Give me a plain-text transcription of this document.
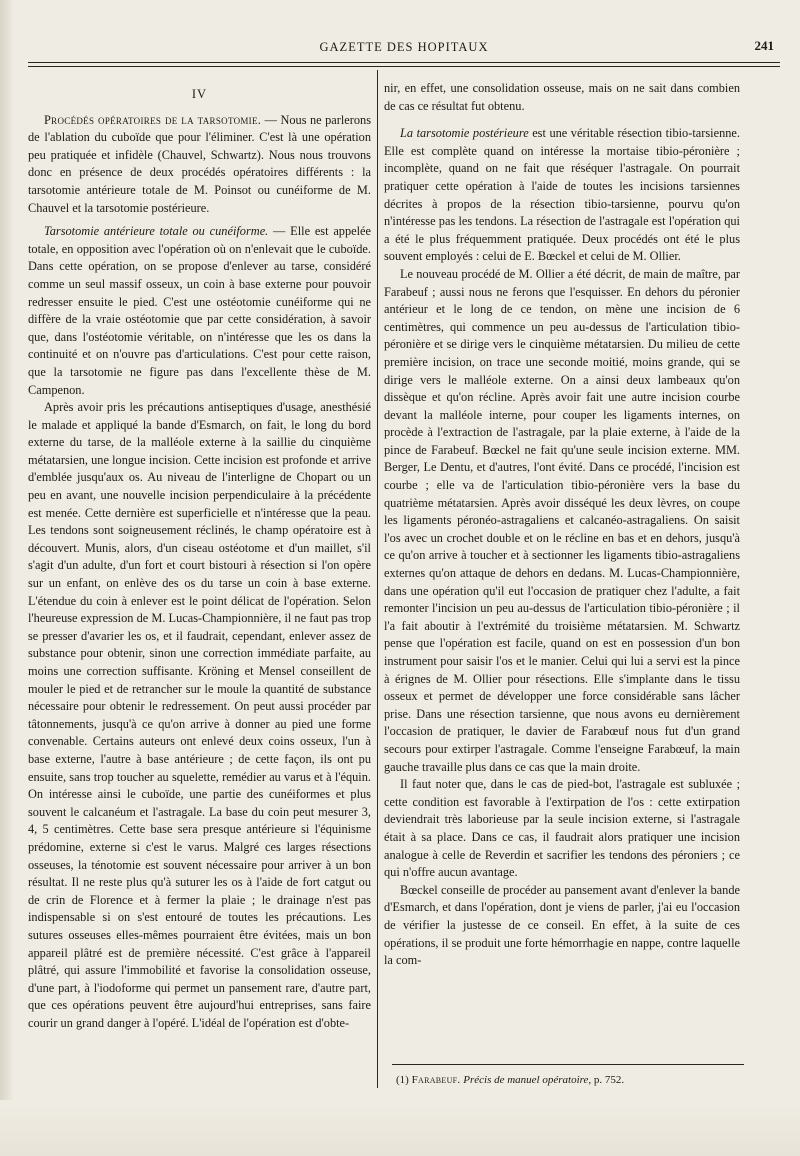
GAZETTE DES HOPITAUX	241

IV

Procédés opératoires de la tarsotomie. — Nous ne parlerons de l'ablation du cuboïde que pour l'éliminer. C'est là une opération peu pratiquée et infidèle (Chauvel, Schwartz). Nous nous trouvons donc en présence de deux procédés opératoires différents : la tarsotomie antérieure totale de M. Poinsot ou cunéiforme de M. Chauvel et la tarsotomie postérieure.

Tarsotomie antérieure totale ou cunéiforme. — Elle est appelée totale, en opposition avec l'opération où on n'enlevait que le cuboïde. Dans cette opération, on se propose d'enlever au tarse, considéré comme un seul massif osseux, un coin à base externe pour pouvoir redresser ensuite le pied. C'est une ostéotomie cunéiforme qui ne diffère de la vraie ostéotomie que par cette considération, à savoir que, dans l'ostéotomie véritable, on n'intéresse que les os dans la continuité et on n'ouvre pas d'articulations. C'est pour cette raison, que la tarsotomie ne figure pas dans l'excellente thèse de M. Campenon.

Après avoir pris les précautions antiseptiques d'usage, anesthésié le malade et appliqué la bande d'Esmarch, on fait, le long du bord externe du tarse, de la malléole externe à la saillie du cinquième métatarsien, une longue incision. Cette incision est profonde et arrive d'emblée jusqu'aux os. Au niveau de l'interligne de Chopart ou un peu en avant, une nouvelle incision perpendiculaire à la précédente est menée. Cette dernière est superficielle et n'intéresse que la peau. Les tendons sont soigneusement réclinés, le champ opératoire est à découvert. Munis, alors, d'un ciseau ostéotome et d'un maillet, s'il s'agit d'un adulte, d'un fort et court bistouri à résection si l'on opère sur un enfant, on enlève des os du tarse un coin à base externe. L'étendue du coin à enlever est le point délicat de l'opération. Selon l'heureuse expression de M. Lucas-Championnière, il ne faut pas trop se presser d'avarier les os, et il faudrait, cependant, enlever assez de substance pour obtenir, sinon une correction immédiate parfaite, au moins une correction suffisante. Kröning et Mensel conseillent de mouler le pied et de retrancher sur le moule la quantité de substance nécessaire pour obtenir le redressement. On peut aussi procéder par tâtonnements, jusqu'à ce qu'on arrive à donner au pied une forme convenable. Certains auteurs ont enlevé deux coins osseux, l'un à base externe, l'autre à base antérieure ; de cette façon, ils ont pu ensuite, sans trop toucher au squelette, remédier au varus et à l'équin. On intéresse ainsi le cuboïde, une partie des cunéiformes et plus souvent le calcanéum et l'astragale. La base du coin peut mesurer 3, 4, 5 centimètres. Cette base sera presque antérieure si l'équinisme prédomine, externe si c'est le varus. Malgré ces larges résections osseuses, la ténotomie est souvent nécessaire pour arriver à un bon résultat. Il ne reste plus qu'à suturer les os à l'aide de fort catgut ou de crin de Florence et à fermer la plaie ; le drainage n'est pas indispensable si on s'est entouré de toutes les précautions. Les sutures osseuses elles-mêmes pourraient être évitées, mais un bon appareil plâtré est de première nécessité. C'est grâce à l'appareil plâtré, qui assure l'immobilité et favorise la consolidation osseuse, d'une part, à l'iodoforme qui permet un pansement rare, d'autre part, que ces opérations peuvent être aujourd'hui entreprises, sans faire courir un grand danger à l'opéré. L'idéal de l'opération est d'obte-

nir, en effet, une consolidation osseuse, mais on ne sait dans combien de cas ce résultat fut obtenu.

La tarsotomie postérieure est une véritable résection tibio-tarsienne. Elle est complète quand on intéresse la mortaise tibio-péronière ; incomplète, quand on ne fait que réséquer l'astragale. On pourrait pratiquer cette opération à l'aide de toutes les incisions tarsiennes décrites à propos de la résection tibio-tarsienne, pourvu qu'on n'intéresse pas les tendons. La résection de l'astragale est l'opération qui a été le plus fréquemment pratiquée. Deux procédés ont été le plus souvent employés : celui de E. Bœckel et celui de M. Ollier.

Le nouveau procédé de M. Ollier a été décrit, de main de maître, par Farabeuf ; aussi nous ne ferons que l'esquisser. En dehors du péronier antérieur et le long de ce tendon, on mène une incision de 6 centimètres, qui commence un peu au-dessus de l'articulation tibio-péronière et se dirige vers le cinquième métatarsien. Du milieu de cette première incision, on trace une seconde moitié, moins grande, qui se dirige vers le malléole externe. On a ainsi deux lambeaux qu'on dissèque et qu'on récline. Après avoir fait une autre incision courbe devant la malléole interne, pour couper les ligaments internes, on procède à l'extraction de l'astragale, par la plaie externe, à l'aide de la pince de Farabeuf. Bœckel ne fait qu'une seule incision externe. MM. Berger, Le Dentu, et d'autres, l'ont évité. Dans ce procédé, l'incision est courbe ; elle va de l'articulation tibio-péronière vers la base du quatrième métatarsien. Après avoir disséqué les deux lèvres, on coupe les ligaments péronéo-astragaliens et calcanéo-astragaliens. On saisit l'os avec un crochet double et on le récline en bas et en dehors, jusqu'à ce qu'on arrive à toucher et à sectionner les ligaments tibio-astragaliens externes qu'on attaque de dehors en dedans. M. Lucas-Championnière, dans une opération qu'il eut l'occasion de pratiquer chez l'adulte, a fait remonter l'incision un peu au-dessus de l'articulation tibio-péronière ; il l'a fait aboutir à l'extrémité du troisième métatarsien. M. Schwartz pense que l'opération est facile, quand on est en possession d'un bon instrument pour saisir l'os et le manier. Celui qui lui a servi est la pince à érignes de M. Ollier pour résections. Elle s'implante dans le tissu osseux et permet de développer une force considérable sans lâcher prise. Dans une résection tarsienne, que nous avons eu dernièrement l'occasion de pratiquer, le davier de Farabœuf nous fut d'un grand secours pour extirper l'astragale. Comme l'enseigne Farabœuf, la main gauche travaille plus dans ce cas que la main droite.

Il faut noter que, dans le cas de pied-bot, l'astragale est subluxée ; cette condition est favorable à l'extirpation de l'os : cette extirpation deviendrait très laborieuse par la seule incision externe, si l'astragale était à sa place. Dans ce cas, il faudrait alors pratiquer une incision analogue à celle de Reverdin et sacrifier les tendons des péroniers ; ce qui n'offre aucun avantage.

Bœckel conseille de procéder au pansement avant d'enlever la bande d'Esmarch, et dans l'opération, dont je viens de parler, j'ai eu l'occasion de vérifier la justesse de ce conseil. En effet, à la suite de ces opérations, il se produit une forte hémorrhagie en nappe, contre laquelle la com-

(1) Farabeuf. Précis de manuel opératoire, p. 752.
